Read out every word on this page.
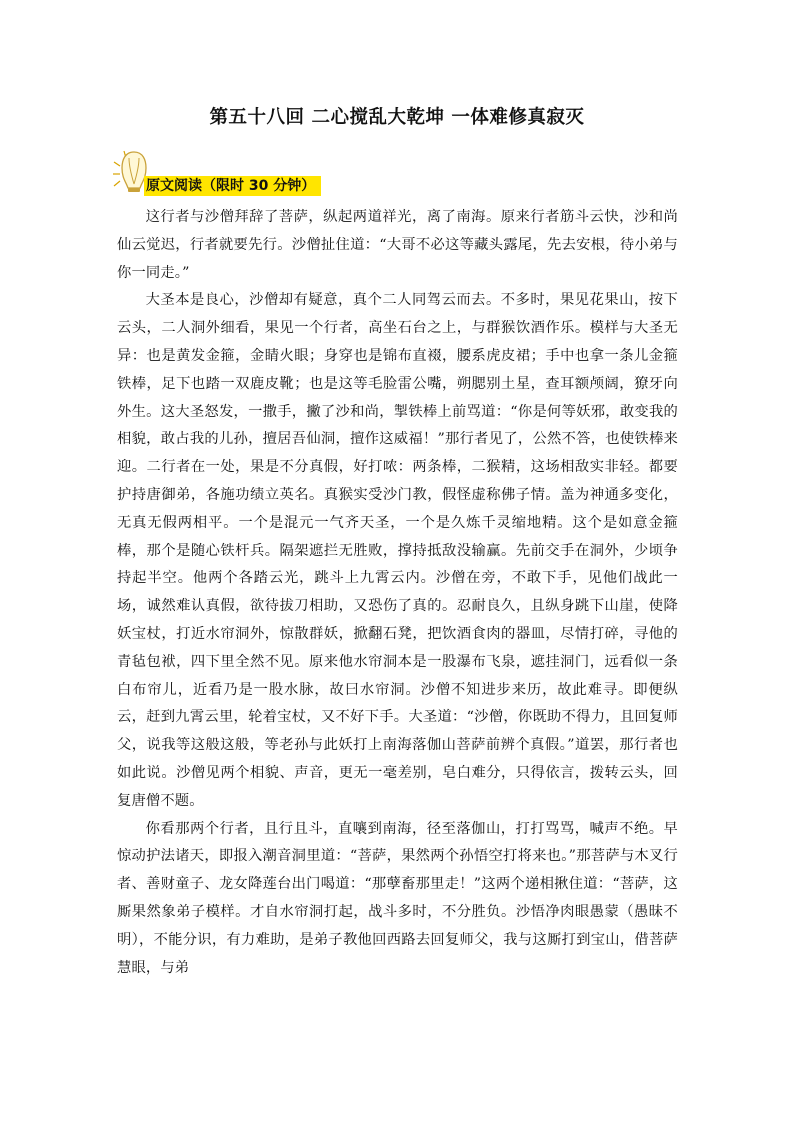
第五十八回 二心搅乱大乾坤 一体难修真寂灭
原文阅读（限时 30 分钟）

这行者与沙僧拜辞了菩萨，纵起两道祥光，离了南海。原来行者筋斗云快，沙和尚仙云觉迟，行者就要先行。沙僧扯住道：“大哥不必这等藏头露尾，先去安根，待小弟与你一同走。”

大圣本是良心，沙僧却有疑意，真个二人同驾云而去。不多时，果见花果山，按下云头，二人洞外细看，果见一个行者，高坐石台之上，与群猴饮酒作乐。模样与大圣无异：也是黄发金箍，金睛火眼；身穿也是锦布直裰，腰系虎皮裙；手中也拿一条儿金箍铁棒，足下也踏一双鹿皮靴；也是这等毛脸雷公嘴，朔腮别土星，查耳额颅阔，獠牙向外生。这大圣怒发，一撒手，撇了沙和尚，掣铁棒上前骂道：“你是何等妖邪，敢变我的相貌，敢占我的儿孙，擅居吾仙洞，擅作这威福！”那行者见了，公然不答，也使铁棒来迎。二行者在一处，果是不分真假，好打哝：两条棒，二猴精，这场相敌实非轻。都要护持唐御弟，各施功绩立英名。真猴实受沙门教，假怪虚称佛子情。盖为神通多变化，无真无假两相平。一个是混元一气齐天圣，一个是久炼千灵缩地精。这个是如意金箍棒，那个是随心铁杆兵。隔架遮拦无胜败，撑持抵敌没输赢。先前交手在洞外，少顷争持起半空。他两个各踏云光，跳斗上九霄云内。沙僧在旁，不敢下手，见他们战此一场，诚然难认真假，欲待拔刀相助，又恐伤了真的。忍耐良久，且纵身跳下山崖，使降妖宝杖，打近水帘洞外，惊散群妖，掀翻石凳，把饮酒食肉的器皿，尽情打碎，寻他的青毡包袱，四下里全然不见。原来他水帘洞本是一股瀑布飞泉，遮挂洞门，远看似一条白布帘儿，近看乃是一股水脉，故曰水帘洞。沙僧不知进步来历，故此难寻。即便纵云，赶到九霄云里，轮着宝杖，又不好下手。大圣道：“沙僧，你既助不得力，且回复师父，说我等这般这般，等老孙与此妖打上南海落伽山菩萨前辨个真假。”道罢，那行者也如此说。沙僧见两个相貌、声音，更无一毫差别，皂白难分，只得依言，拨转云头，回复唐僧不题。

你看那两个行者，且行且斗，直嚷到南海，径至落伽山，打打骂骂，喊声不绝。早惊动护法诸天，即报入潮音洞里道：“菩萨，果然两个孙悟空打将来也。”那菩萨与木叉行者、善财童子、龙女降莲台出门喝道：“那孽畜那里走！”这两个递相揪住道：“菩萨，这厮果然象弟子模样。才自水帘洞打起，战斗多时，不分胜负。沙悟净肉眼愚蒙（愚昧不明），不能分识，有力难助，是弟子教他回西路去回复师父，我与这厮打到宝山，借菩萨慧眼，与弟
